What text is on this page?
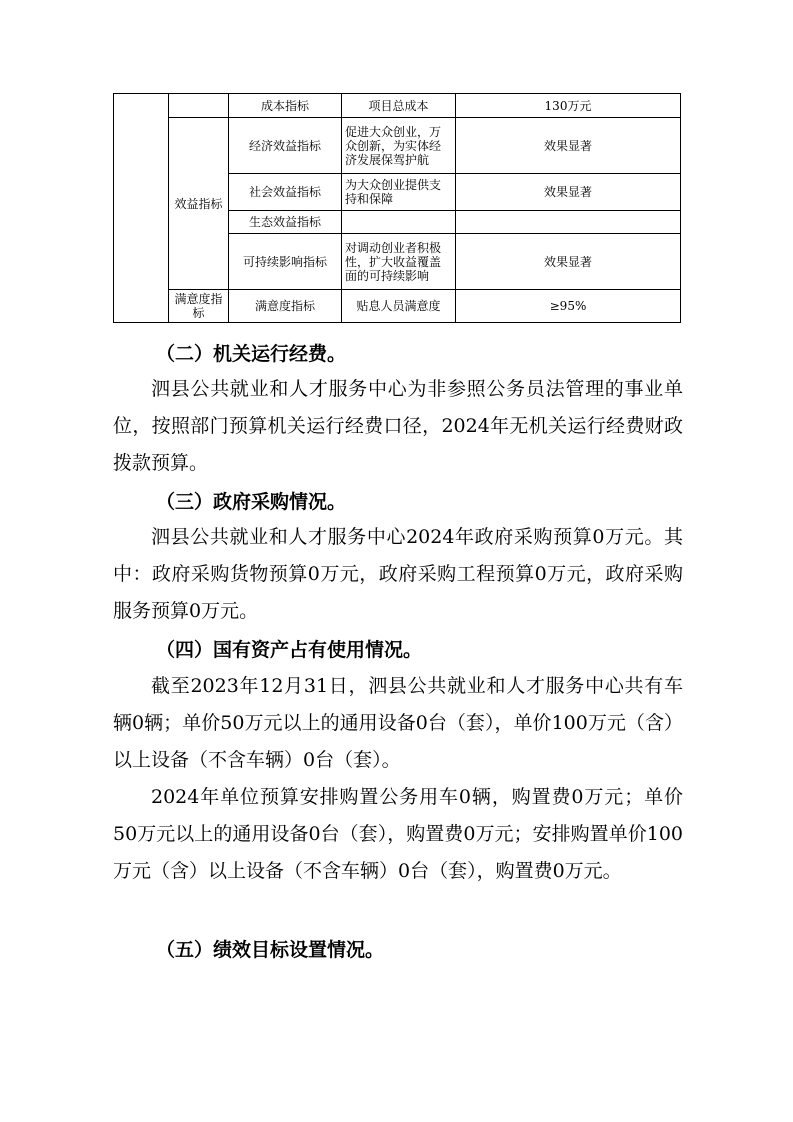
		成本指标	项目总成本	130万元
	效益指标	经济效益指标	促进大众创业，万众创新，为实体经济发展保驾护航	效果显著
		社会效益指标	为大众创业提供支持和保障	效果显著
		生态效益指标		
		可持续影响指标	对调动创业者积极性，扩大收益覆盖面的可持续影响	效果显著
	满意度指标	满意度指标	贴息人员满意度	≥95%
（二）机关运行经费。

泗县公共就业和人才服务中心为非参照公务员法管理的事业单位，按照部门预算机关运行经费口径，2024年无机关运行经费财政拨款预算。

（三）政府采购情况。

泗县公共就业和人才服务中心2024年政府采购预算0万元。其中：政府采购货物预算0万元，政府采购工程预算0万元，政府采购服务预算0万元。

（四）国有资产占有使用情况。

截至2023年12月31日，泗县公共就业和人才服务中心共有车辆0辆；单价50万元以上的通用设备0台（套），单价100万元（含）以上设备（不含车辆）0台（套）。

2024年单位预算安排购置公务用车0辆，购置费0万元；单价50万元以上的通用设备0台（套），购置费0万元；安排购置单价100万元（含）以上设备（不含车辆）0台（套），购置费0万元。

（五）绩效目标设置情况。
